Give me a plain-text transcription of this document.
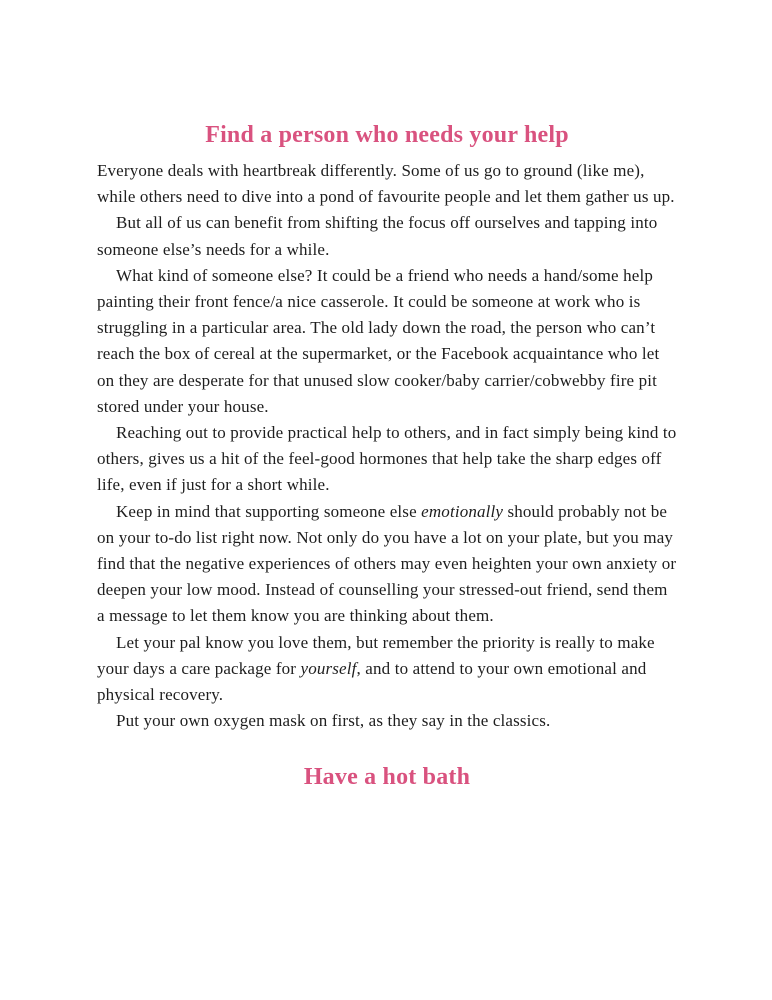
Find a person who needs your help

Everyone deals with heartbreak differently. Some of us go to ground (like me), while others need to dive into a pond of favourite people and let them gather us up.

But all of us can benefit from shifting the focus off ourselves and tapping into someone else’s needs for a while.

What kind of someone else? It could be a friend who needs a hand/some help painting their front fence/a nice casserole. It could be someone at work who is struggling in a particular area. The old lady down the road, the person who can’t reach the box of cereal at the supermarket, or the Facebook acquaintance who let on they are desperate for that unused slow cooker/baby carrier/cobwebby fire pit stored under your house.

Reaching out to provide practical help to others, and in fact simply being kind to others, gives us a hit of the feel-good hormones that help take the sharp edges off life, even if just for a short while.

Keep in mind that supporting someone else emotionally should probably not be on your to-do list right now. Not only do you have a lot on your plate, but you may find that the negative experiences of others may even heighten your own anxiety or deepen your low mood. Instead of counselling your stressed-out friend, send them a message to let them know you are thinking about them.

Let your pal know you love them, but remember the priority is really to make your days a care package for yourself, and to attend to your own emotional and physical recovery.

Put your own oxygen mask on first, as they say in the classics.

Have a hot bath
